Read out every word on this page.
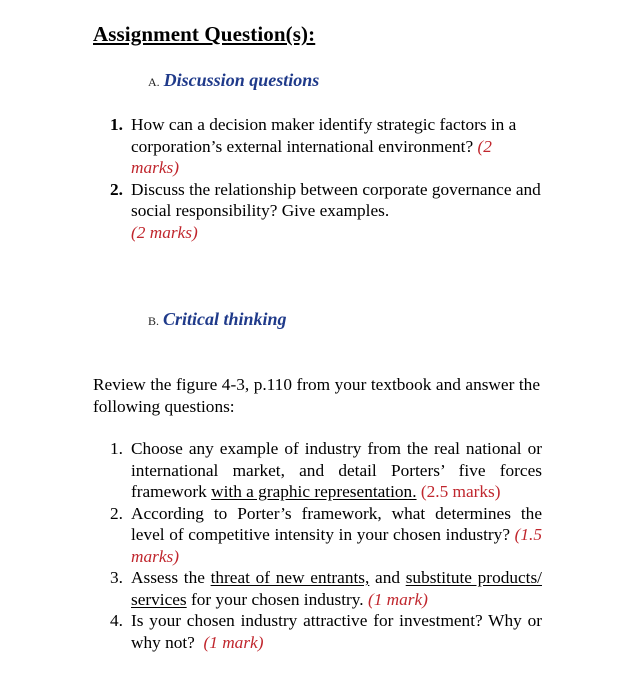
Assignment Question(s):
A. Discussion questions
1. How can a decision maker identify strategic factors in a corporation’s external international environment? (2 marks)
2. Discuss the relationship between corporate governance and social responsibility? Give examples.
(2 marks)
B. Critical thinking

Review the figure 4-3, p.110 from your textbook and answer the following questions:

1. Choose any example of industry from the real national or international market, and detail Porters’ five forces framework with a graphic representation. (2.5 marks)
2. According to Porter’s framework, what determines the level of competitive intensity in your chosen industry? (1.5 marks)
3. Assess the threat of new entrants, and substitute products/ services for your chosen industry. (1 mark)
4. Is your chosen industry attractive for investment? Why or why not? (1 mark)
